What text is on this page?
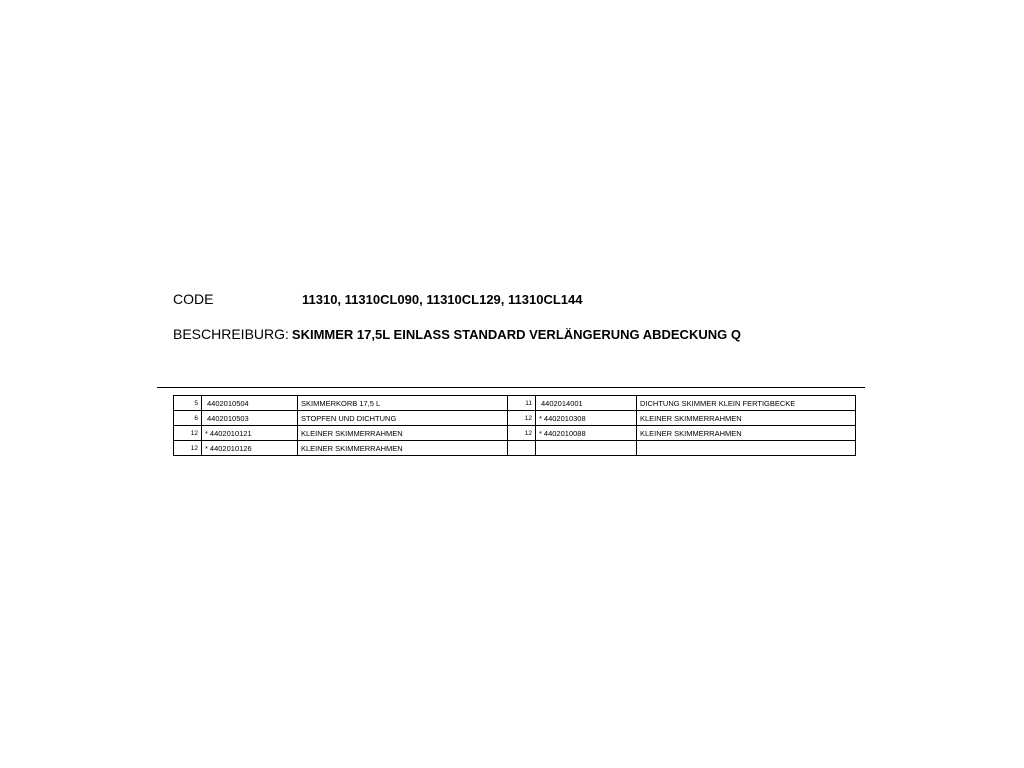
CODE	11310, 11310CL090, 11310CL129, 11310CL144
BESCHREIBURG: SKIMMER 17,5L EINLASS STANDARD VERLÄNGERUNG ABDECKUNG Q
5	4402010504	SKIMMERKORB 17,5 L	11	4402014001	DICHTUNG SKIMMER KLEIN FERTIGBECKE
6	4402010503	STOPFEN UND DICHTUNG	12	* 4402010308	KLEINER SKIMMERRAHMEN
12	* 4402010121	KLEINER SKIMMERRAHMEN	12	* 4402010088	KLEINER SKIMMERRAHMEN
12	* 4402010126	KLEINER SKIMMERRAHMEN			
